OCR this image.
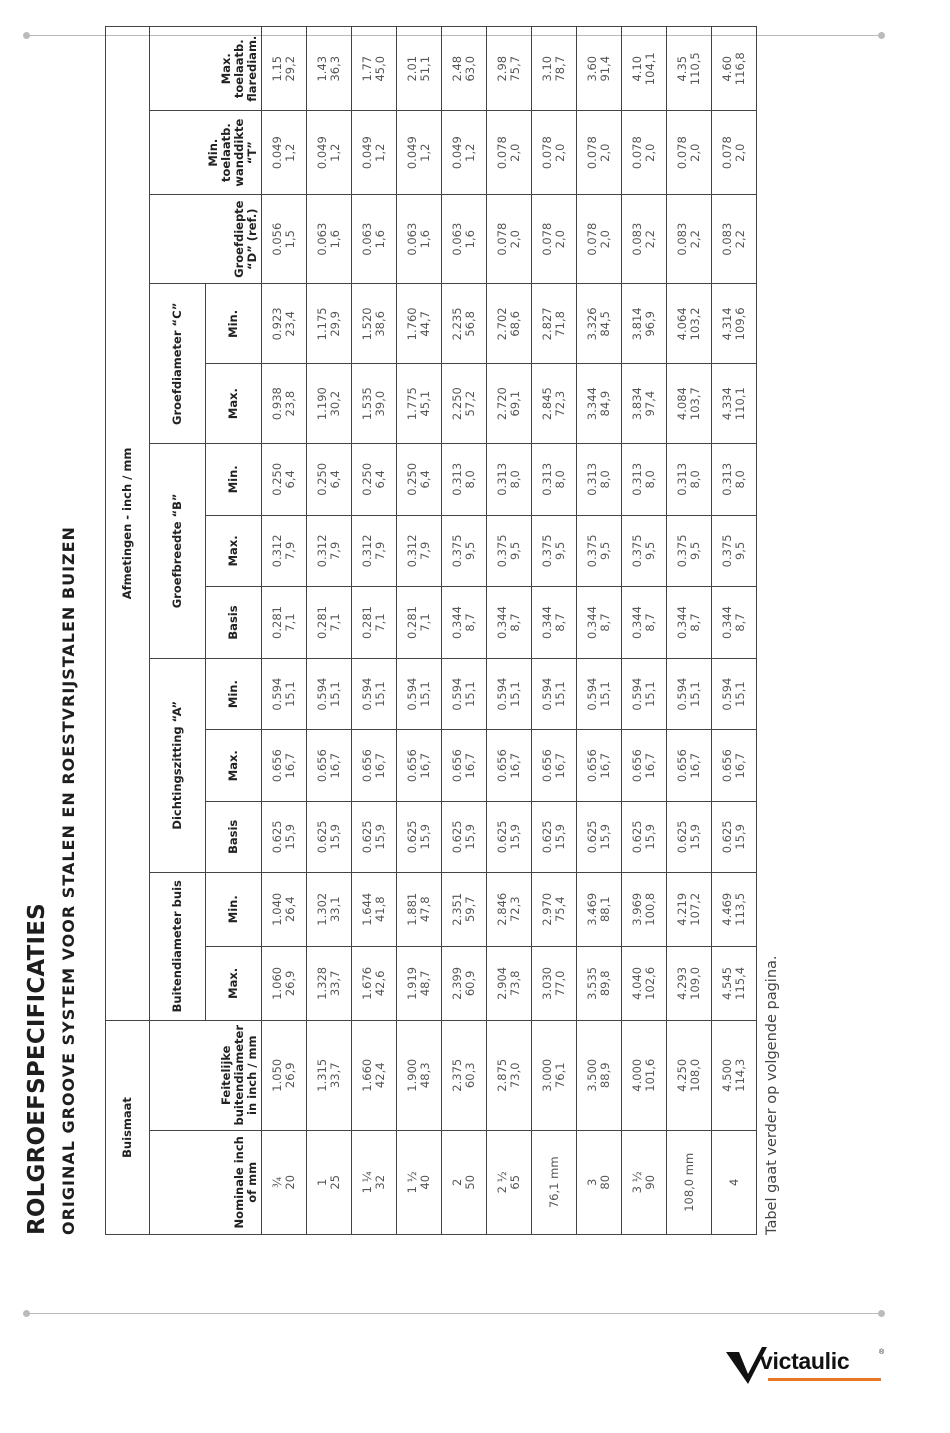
ROLGROEFSPECIFICATIES ORIGINAL GROOVE SYSTEM VOOR STALEN EN ROESTVRIJSTALEN BUIZEN	Buismaat		Afmetingen - inch / mm												
Nominale inch of mm	Feitelijke buitendiameter in inch / mm	Buitendiameter buis		Dichtingszitting “A”			Groefbreedte “B”			Groefdiameter “C”		Groefdiepte “D” (ref.)	Min. toelaatb. wanddikte “T”	Max. toelaatb. flarediam.
		Max.	Min.	Basis	Max.	Min.	Basis	Max.	Min.	Max.	Min.			

¾ 20	1.050 26,9	1.060 26,9	1.040 26,4	0.625 15,9	0.656 16,7	0.594 15,1	0.281 7,1	0.312 7,9	0.250 6,4	0.938 23,8	0.923 23,4	0.056 1,5	0.049 1,2	1.15 29,2

1 25	1.315 33,7	1.328 33,7	1.302 33,1	0.625 15,9	0.656 16,7	0.594 15,1	0.281 7,1	0.312 7,9	0.250 6,4	1.190 30,2	1.175 29,9	0.063 1,6	0.049 1,2	1.43 36,3

1 ¼ 32	1.660 42,4	1.676 42,6	1.644 41,8	0.625 15,9	0.656 16,7	0.594 15,1	0.281 7,1	0.312 7,9	0.250 6,4	1.535 39,0	1.520 38,6	0.063 1,6	0.049 1,2	1.77 45,0

1 ½ 40	1.900 48,3	1.919 48,7	1.881 47,8	0.625 15,9	0.656 16,7	0.594 15,1	0.281 7,1	0.312 7,9	0.250 6,4	1.775 45,1	1.760 44,7	0.063 1,6	0.049 1,2	2.01 51,1

2 50	2.375 60,3	2.399 60,9	2.351 59,7	0.625 15,9	0.656 16,7	0.594 15,1	0.344 8,7	0.375 9,5	0.313 8,0	2.250 57,2	2.235 56,8	0.063 1,6	0.049 1,2	2.48 63,0

2 ½ 65	2.875 73,0	2.904 73,8	2.846 72,3	0.625 15,9	0.656 16,7	0.594 15,1	0.344 8,7	0.375 9,5	0.313 8,0	2.720 69,1	2.702 68,6	0.078 2,0	0.078 2,0	2.98 75,7

76,1 mm	3.000 76,1	3.030 77,0	2.970 75,4	0.625 15,9	0.656 16,7	0.594 15,1	0.344 8,7	0.375 9,5	0.313 8,0	2.845 72,3	2.827 71,8	0.078 2,0	0.078 2,0	3.10 78,7

3 80	3.500 88,9	3.535 89,8	3.469 88,1	0.625 15,9	0.656 16,7	0.594 15,1	0.344 8,7	0.375 9,5	0.313 8,0	3.344 84,9	3.326 84,5	0.078 2,0	0.078 2,0	3.60 91,4

3 ½ 90	4.000 101,6	4.040 102,6	3.969 100,8	0.625 15,9	0.656 16,7	0.594 15,1	0.344 8,7	0.375 9,5	0.313 8,0	3.834 97,4	3.814 96,9	0.083 2,2	0.078 2,0	4.10 104,1

108,0 mm	4.250 108,0	4.293 109,0	4.219 107,2	0.625 15,9	0.656 16,7	0.594 15,1	0.344 8,7	0.375 9,5	0.313 8,0	4.084 103,7	4.064 103,2	0.083 2,2	0.078 2,0	4.35 110,5

4	4.500 114,3	4.545 115,4	4.469 113,5	0.625 15,9	0.656 16,7	0.594 15,1	0.344 8,7	0.375 9,5	0.313 8,0	4.334 110,1	4.314 109,6	0.083 2,2	0.078 2,0	4.60 116,8
Tabel gaat verder op volgende pagina.
victaulic	®
